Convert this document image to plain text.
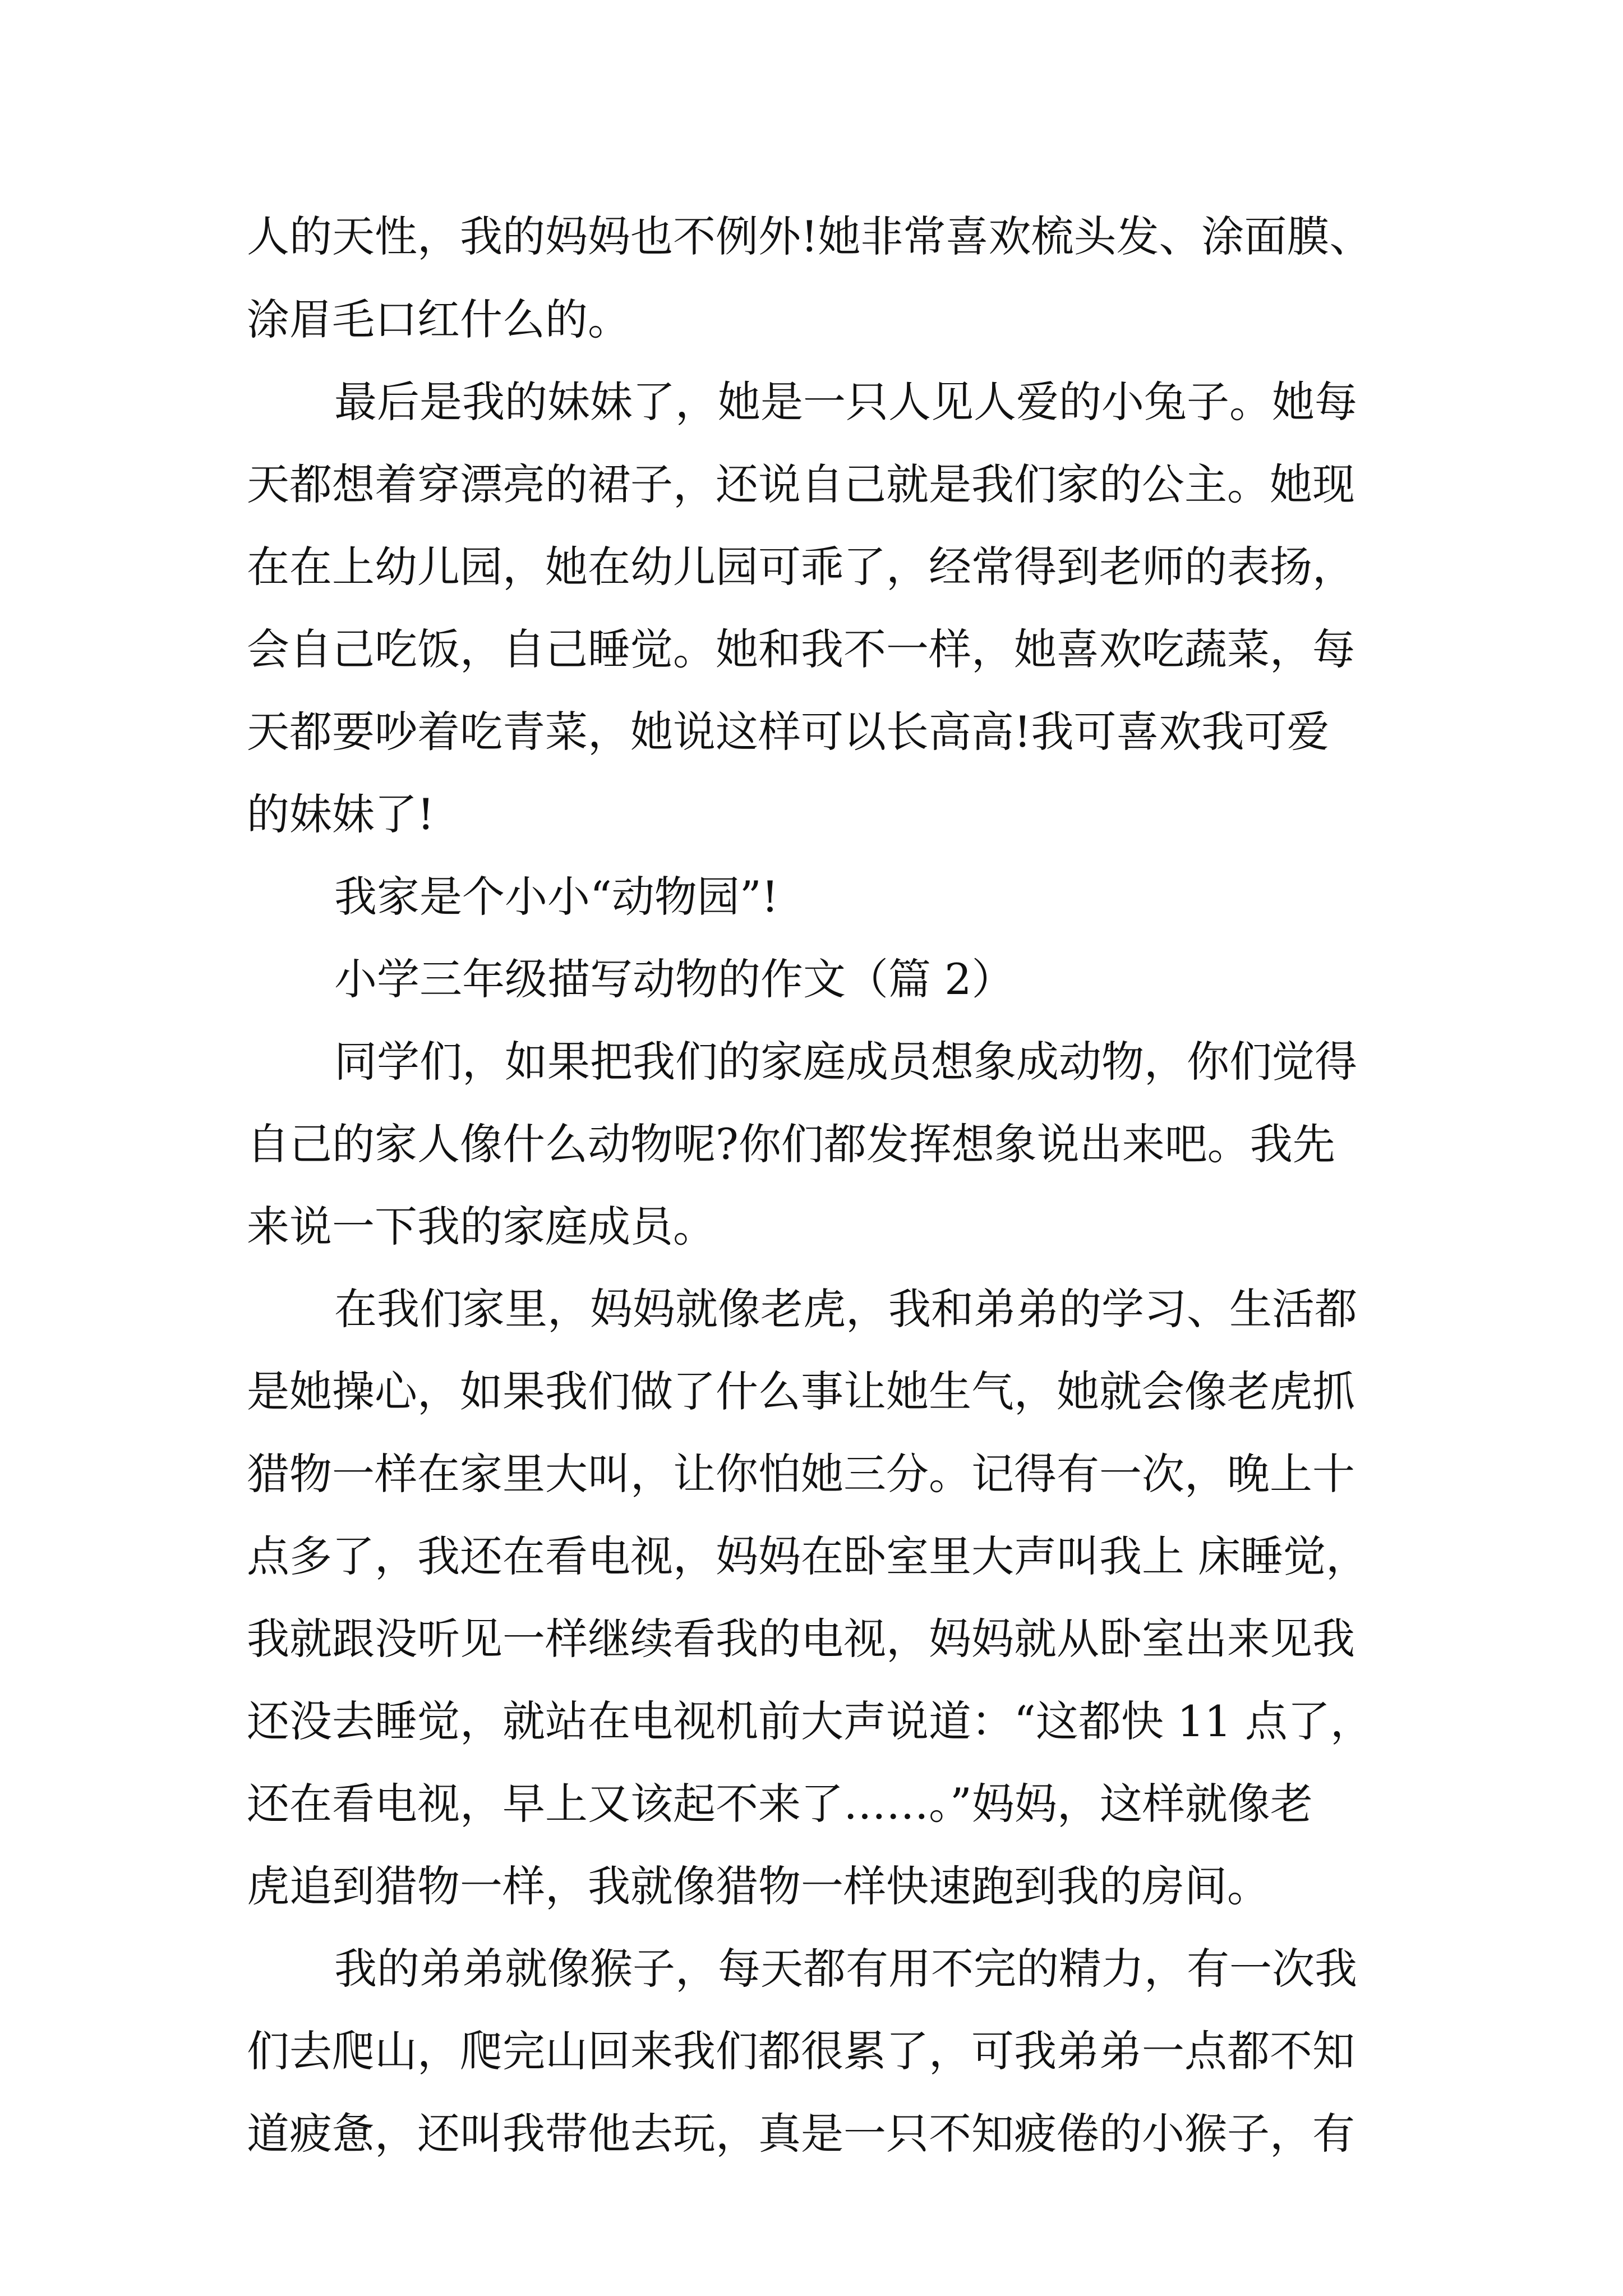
人的天性，我的妈妈也不例外!她非常喜欢梳头发、涂面膜、

涂眉毛口红什么的。

最后是我的妹妹了，她是一只人见人爱的小兔子。她每

天都想着穿漂亮的裙子，还说自己就是我们家的公主。她现

在在上幼儿园，她在幼儿园可乖了，经常得到老师的表扬，

会自己吃饭，自己睡觉。她和我不一样，她喜欢吃蔬菜，每

天都要吵着吃青菜，她说这样可以长高高!我可喜欢我可爱

的妹妹了!

我家是个小小“动物园”!

小学三年级描写动物的作文（篇 2）

同学们，如果把我们的家庭成员想象成动物，你们觉得

自己的家人像什么动物呢?你们都发挥想象说出来吧。我先

来说一下我的家庭成员。

在我们家里，妈妈就像老虎，我和弟弟的学习、生活都

是她操心，如果我们做了什么事让她生气，她就会像老虎抓

猎物一样在家里大叫，让你怕她三分。记得有一次，晚上十

点多了，我还在看电视，妈妈在卧室里大声叫我上 床睡觉，

我就跟没听见一样继续看我的电视，妈妈就从卧室出来见我

还没去睡觉，就站在电视机前大声说道：“这都快 11 点了，

还在看电视，早上又该起不来了……。”妈妈，这样就像老

虎追到猎物一样，我就像猎物一样快速跑到我的房间。

我的弟弟就像猴子，每天都有用不完的精力，有一次我

们去爬山，爬完山回来我们都很累了，可我弟弟一点都不知

道疲惫，还叫我带他去玩，真是一只不知疲倦的小猴子，有
